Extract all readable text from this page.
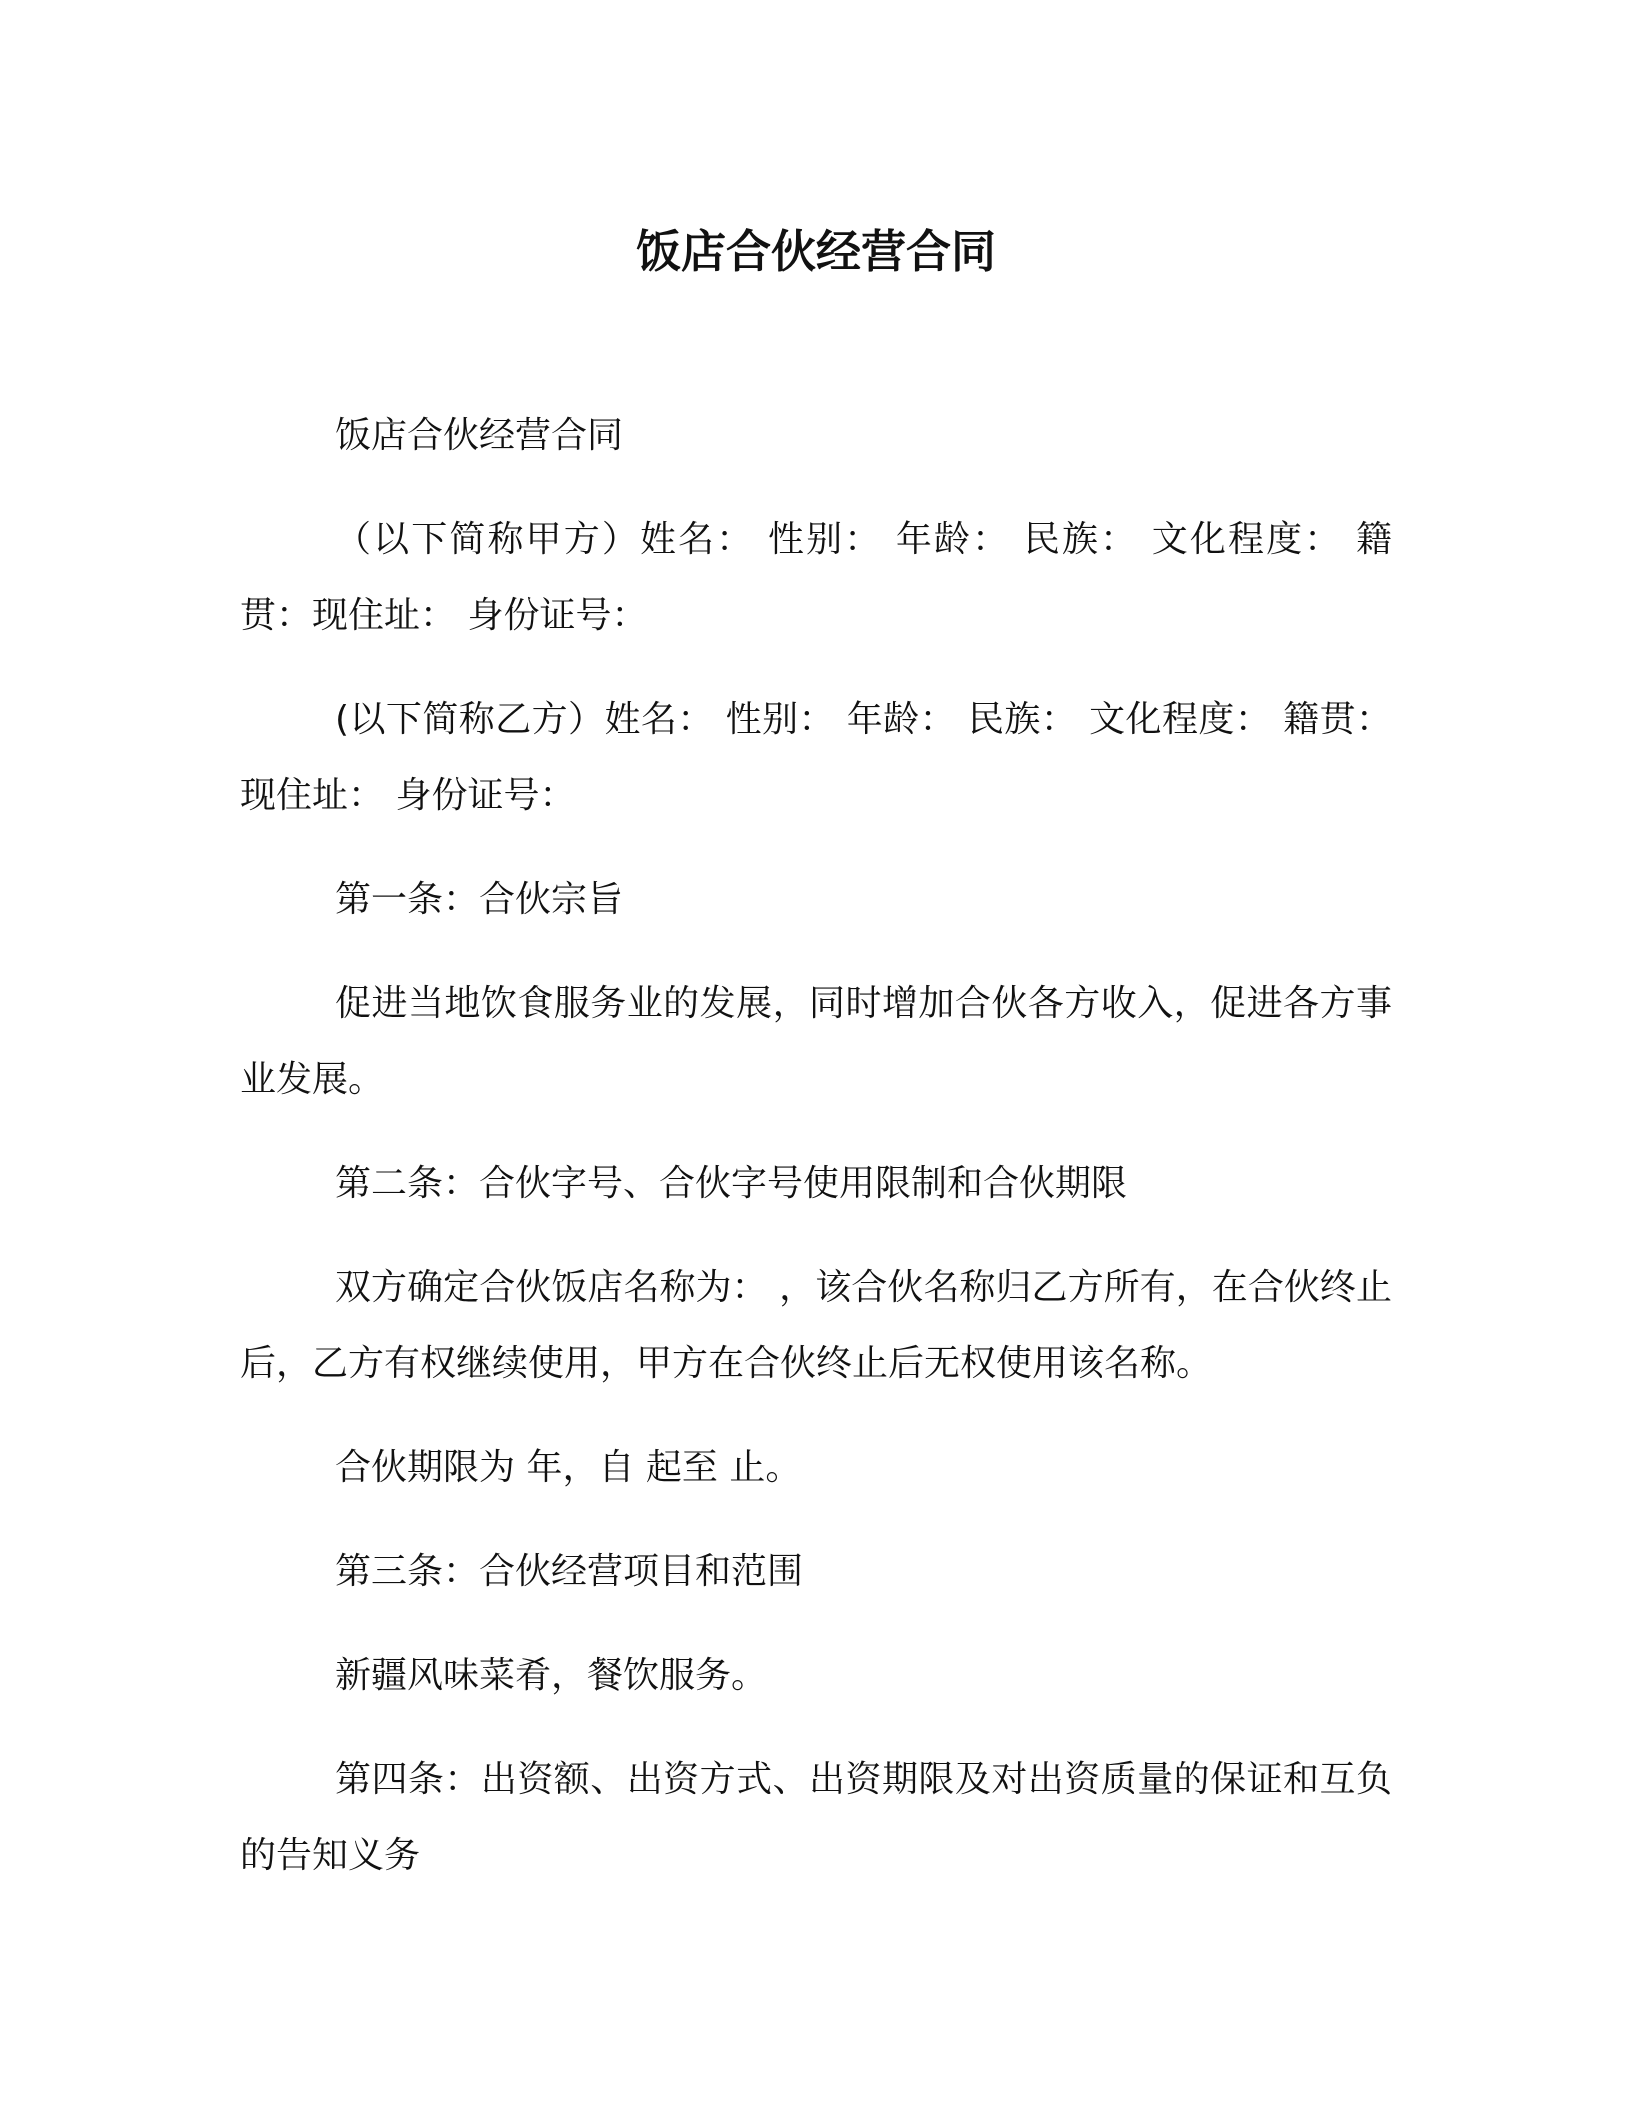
饭店合伙经营合同

饭店合伙经营合同

（以下简称甲方）姓名： 性别： 年龄： 民族： 文化程度： 籍贯：现住址： 身份证号：

(以下简称乙方）姓名： 性别： 年龄： 民族： 文化程度： 籍贯：现住址： 身份证号：

第一条：合伙宗旨

促进当地饮食服务业的发展，同时增加合伙各方收入，促进各方事业发展。

第二条：合伙字号、合伙字号使用限制和合伙期限

双方确定合伙饭店名称为： ，该合伙名称归乙方所有，在合伙终止后，乙方有权继续使用，甲方在合伙终止后无权使用该名称。

合伙期限为 年，自 起至 止。

第三条：合伙经营项目和范围

新疆风味菜肴，餐饮服务。

第四条：出资额、出资方式、出资期限及对出资质量的保证和互负的告知义务
